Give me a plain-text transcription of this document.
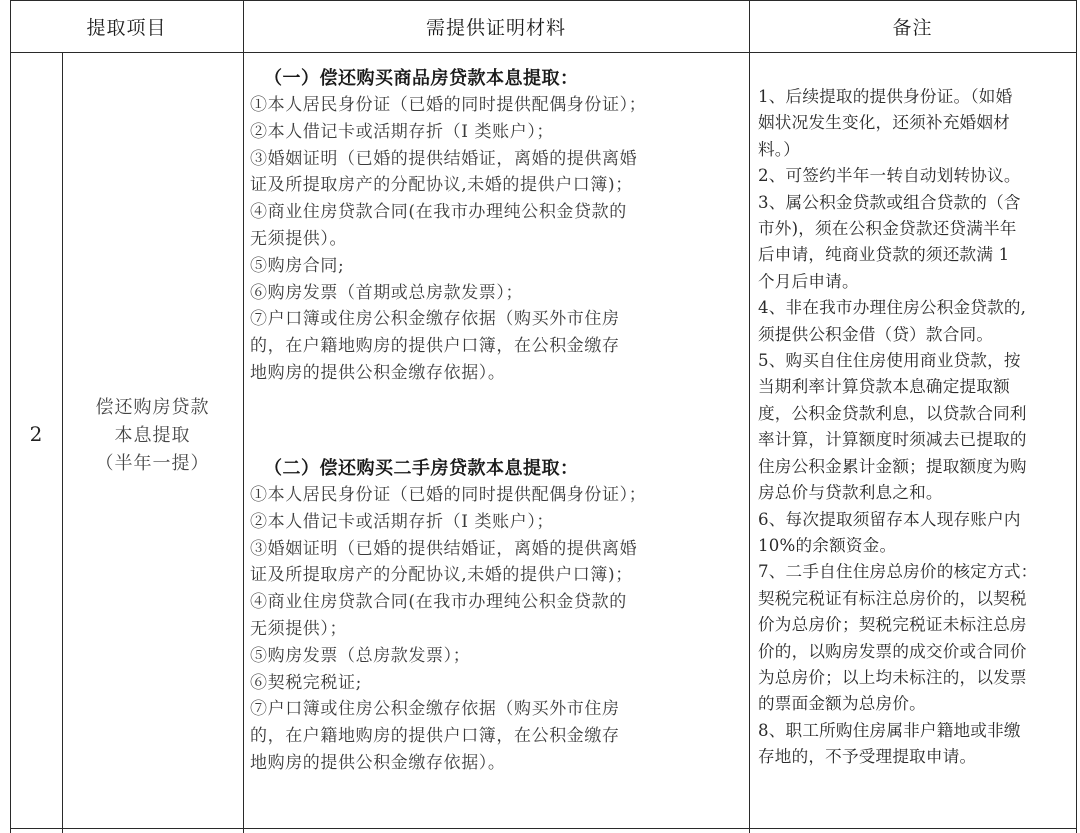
提取项目	需提供证明材料	备注
2
偿还购房贷款
本息提取
（半年一提）
（一）偿还购买商品房贷款本息提取：
①本人居民身份证（已婚的同时提供配偶身份证）；
②本人借记卡或活期存折（I 类账户）；
③婚姻证明（已婚的提供结婚证，离婚的提供离婚
证及所提取房产的分配协议,未婚的提供户口簿)；
④商业住房贷款合同(在我市办理纯公积金贷款的
无须提供）。
⑤购房合同;
⑥购房发票（首期或总房款发票）；
⑦户口簿或住房公积金缴存依据（购买外市住房
的，在户籍地购房的提供户口簿，在公积金缴存
地购房的提供公积金缴存依据）。
（二）偿还购买二手房贷款本息提取：
①本人居民身份证（已婚的同时提供配偶身份证）；
②本人借记卡或活期存折（I 类账户）；
③婚姻证明（已婚的提供结婚证，离婚的提供离婚
证及所提取房产的分配协议,未婚的提供户口簿)；
④商业住房贷款合同(在我市办理纯公积金贷款的
无须提供）；
⑤购房发票（总房款发票）；
⑥契税完税证;
⑦户口簿或住房公积金缴存依据（购买外市住房
的，在户籍地购房的提供户口簿，在公积金缴存
地购房的提供公积金缴存依据）。
1、后续提取的提供身份证。（如婚
姻状况发生变化，还须补充婚姻材
料。）
2、可签约半年一转自动划转协议。
3、属公积金贷款或组合贷款的（含
市外)，须在公积金贷款还贷满半年
后申请，纯商业贷款的须还款满 1
个月后申请。
4、非在我市办理住房公积金贷款的,
须提供公积金借（贷）款合同。
5、购买自住住房使用商业贷款，按
当期利率计算贷款本息确定提取额
度，公积金贷款利息，以贷款合同利
率计算，计算额度时须减去已提取的
住房公积金累计金额；提取额度为购
房总价与贷款利息之和。
6、每次提取须留存本人现存账户内
10%的余额资金。
7、二手自住住房总房价的核定方式：
契税完税证有标注总房价的，以契税
价为总房价；契税完税证未标注总房
价的，以购房发票的成交价或合同价
为总房价；以上均未标注的，以发票
的票面金额为总房价。
8、职工所购住房属非户籍地或非缴
存地的，不予受理提取申请。
